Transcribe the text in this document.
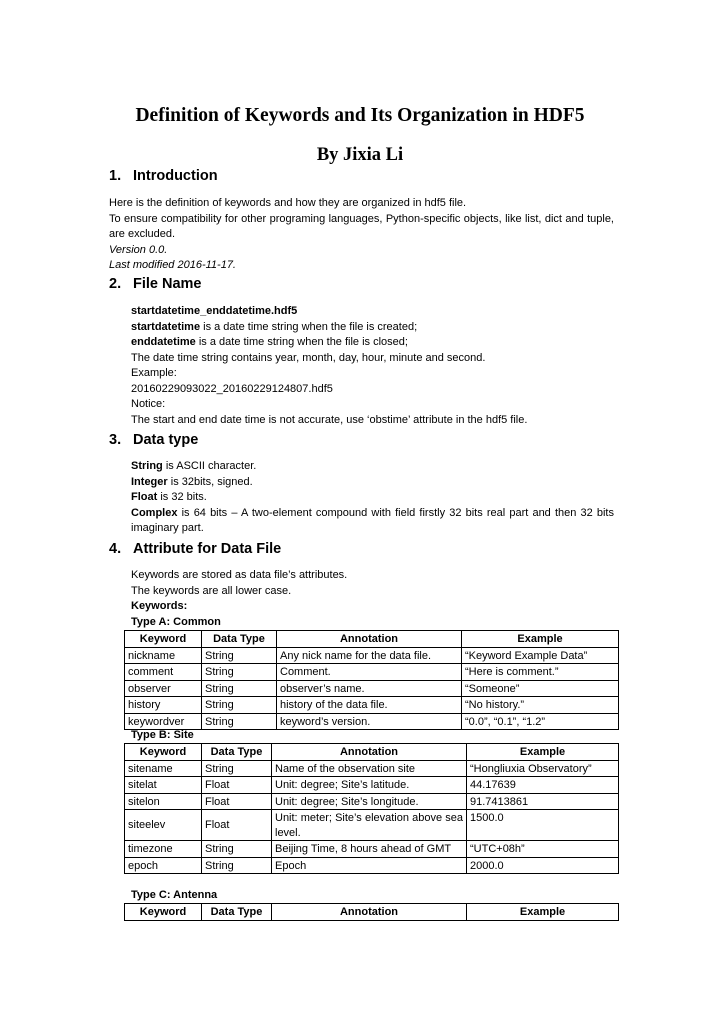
Definition of Keywords and Its Organization in HDF5
By Jixia Li
1. Introduction

Here is the definition of keywords and how they are organized in hdf5 file.

To ensure compatibility for other programing languages, Python-specific objects, like list, dict and tuple, are excluded.

Version 0.0.

Last modified 2016-11-17.

2. File Name

startdatetime_enddatetime.hdf5

startdatetime is a date time string when the file is created;

enddatetime is a date time string when the file is closed;

The date time string contains year, month, day, hour, minute and second.

Example:

20160229093022_20160229124807.hdf5

Notice:

The start and end date time is not accurate, use ‘obstime’ attribute in the hdf5 file.

3. Data type

String is ASCII character.

Integer is 32bits, signed.

Float is 32 bits.

Complex is 64 bits – A two-element compound with field firstly 32 bits real part and then 32 bits imaginary part.

4. Attribute for Data File

Keywords are stored as data file’s attributes.

The keywords are all lower case.

Keywords:

Type A: Common
Keyword	Data Type	Annotation	Example
nickname	String	Any nick name for the data file.	“Keyword Example Data”
comment	String	Comment.	“Here is comment.”
observer	String	observer’s name.	“Someone”
history	String	history of the data file.	“No history.”
keywordver	String	keyword’s version.	“0.0”, “0.1”, “1.2”
Type B: Site
Keyword	Data Type	Annotation	Example
sitename	String	Name of the observation site	“Hongliuxia Observatory”
sitelat	Float	Unit: degree; Site’s latitude.	44.17639
sitelon	Float	Unit: degree; Site’s longitude.	91.7413861
siteelev	Float	Unit: meter; Site’s elevation above sea level.	1500.0
timezone	String	Beijing Time, 8 hours ahead of GMT	“UTC+08h”
epoch	String	Epoch	2000.0
Type C: Antenna
Keyword	Data Type	Annotation	Example
